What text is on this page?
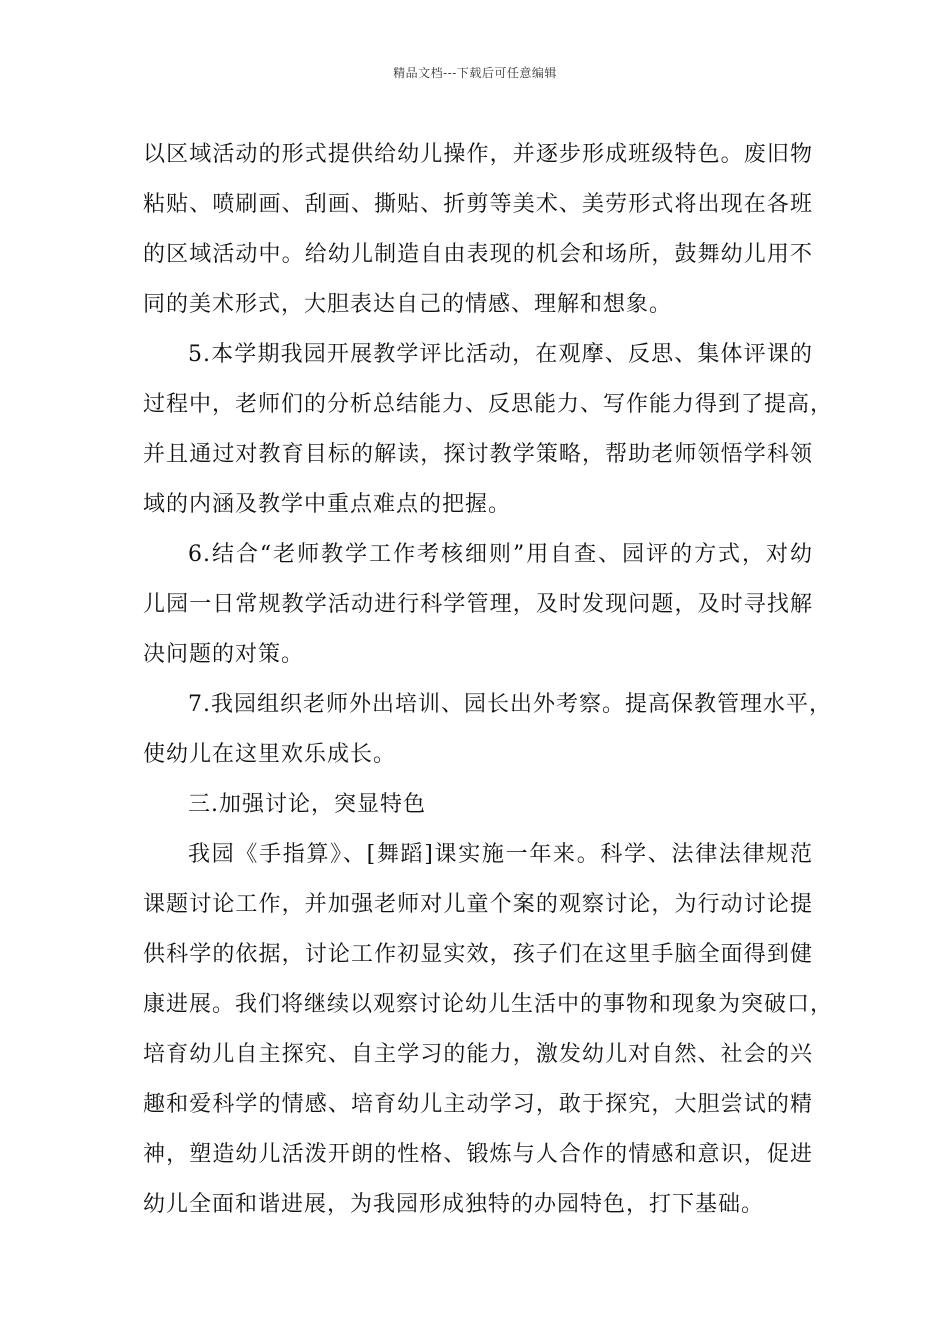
精品文档---下载后可任意编辑
以区域活动的形式提供给幼儿操作，并逐步形成班级特色。废旧物
粘贴、喷刷画、刮画、撕贴、折剪等美术、美劳形式将出现在各班
的区域活动中。给幼儿制造自由表现的机会和场所，鼓舞幼儿用不
同的美术形式，大胆表达自己的情感、理解和想象。
5.本学期我园开展教学评比活动，在观摩、反思、集体评课的
过程中，老师们的分析总结能力、反思能力、写作能力得到了提高，
并且通过对教育目标的解读，探讨教学策略，帮助老师领悟学科领
域的内涵及教学中重点难点的把握。
6.结合“老师教学工作考核细则”用自查、园评的方式，对幼
儿园一日常规教学活动进行科学管理，及时发现问题，及时寻找解
决问题的对策。
7.我园组织老师外出培训、园长出外考察。提高保教管理水平，
使幼儿在这里欢乐成长。
三.加强讨论，突显特色
我园《手指算》、[舞蹈]课实施一年来。科学、法律法律规范
课题讨论工作，并加强老师对儿童个案的观察讨论，为行动讨论提
供科学的依据，讨论工作初显实效，孩子们在这里手脑全面得到健
康进展。我们将继续以观察讨论幼儿生活中的事物和现象为突破口，
培育幼儿自主探究、自主学习的能力，激发幼儿对自然、社会的兴
趣和爱科学的情感、培育幼儿主动学习，敢于探究，大胆尝试的精
神，塑造幼儿活泼开朗的性格、锻炼与人合作的情感和意识，促进
幼儿全面和谐进展，为我园形成独特的办园特色，打下基础。
